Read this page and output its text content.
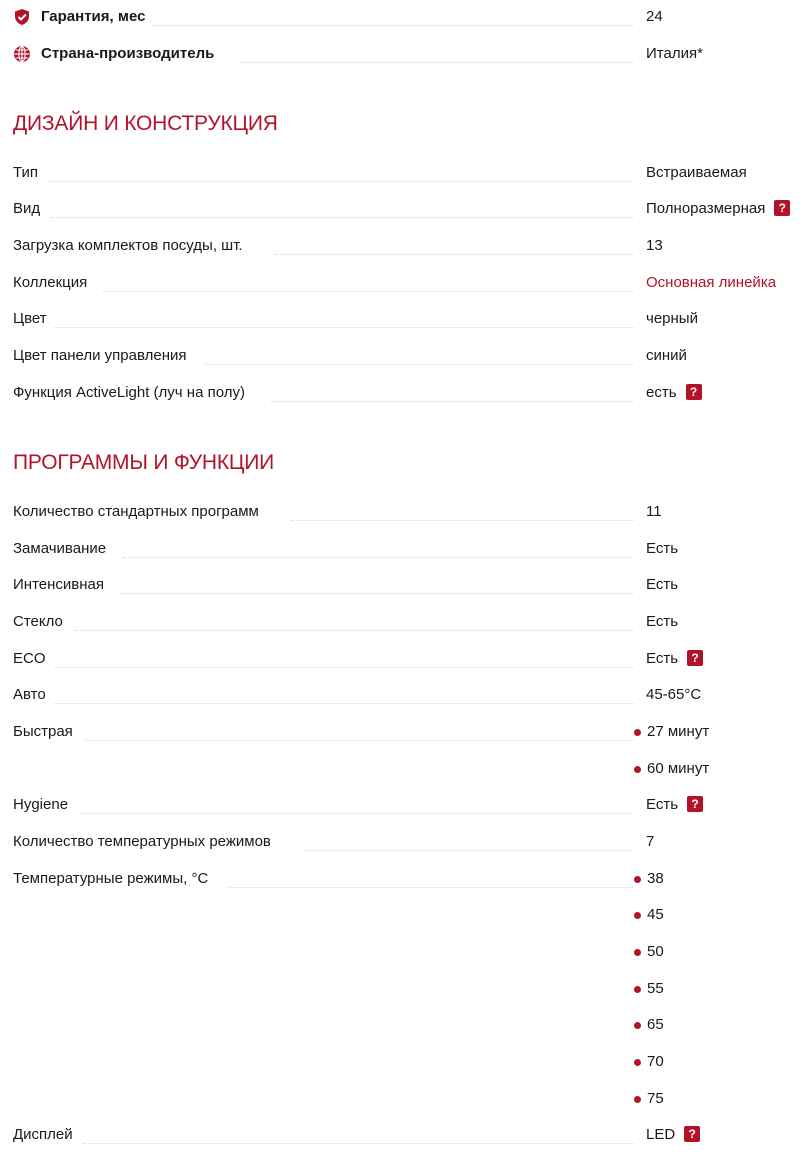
Гарантия, мес	24
Страна-производитель	Италия*
ДИЗАЙН И КОНСТРУКЦИЯ
Тип	Встраиваемая
Вид	Полноразмерная ?
Загрузка комплектов посуды, шт.	13
Коллекция	Основная линейка
Цвет	черный
Цвет панели управления	синий
Функция ActiveLight (луч на полу)	есть ?
ПРОГРАММЫ И ФУНКЦИИ
Количество стандартных программ	11
Замачивание	Есть
Интенсивная	Есть
Стекло	Есть
ECO	Есть ?
Авто	45-65°C
Быстрая	27 минут
60 минут
Hygiene	Есть ?
Количество температурных режимов	7
Температурные режимы, °C	38
45
50
55
65
70
75
Дисплей	LED ?
